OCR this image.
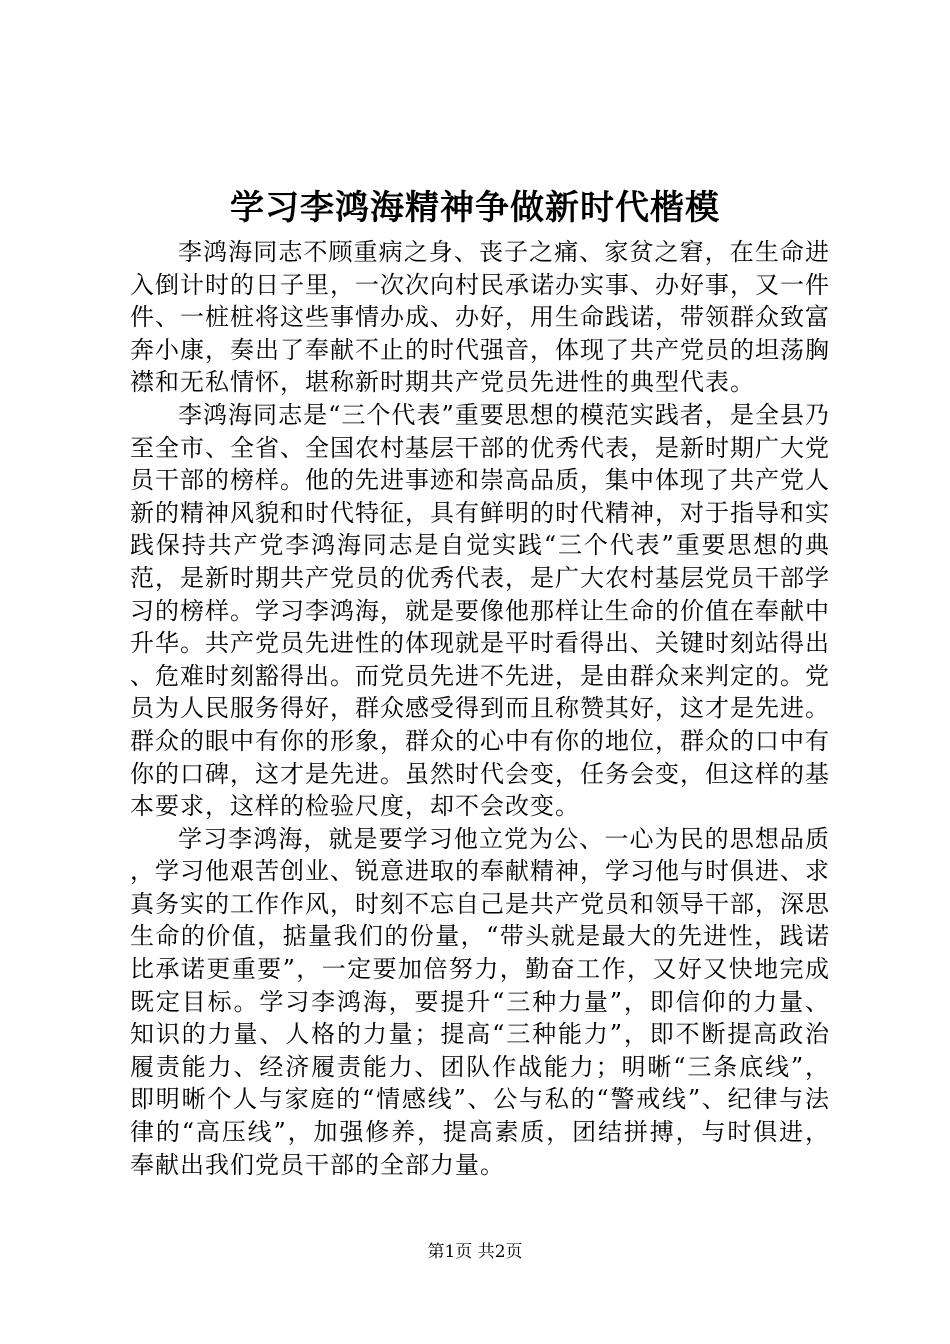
学习李鸿海精神争做新时代楷模

李鸿海同志不顾重病之身、丧子之痛、家贫之窘，在生命进入倒计时的日子里，一次次向村民承诺办实事、办好事，又一件件、一桩桩将这些事情办成、办好，用生命践诺，带领群众致富奔小康，奏出了奉献不止的时代强音，体现了共产党员的坦荡胸襟和无私情怀，堪称新时期共产党员先进性的典型代表。

李鸿海同志是“三个代表”重要思想的模范实践者，是全县乃至全市、全省、全国农村基层干部的优秀代表，是新时期广大党员干部的榜样。他的先进事迹和崇高品质，集中体现了共产党人新的精神风貌和时代特征，具有鲜明的时代精神，对于指导和实践保持共产党李鸿海同志是自觉实践“三个代表”重要思想的典范，是新时期共产党员的优秀代表，是广大农村基层党员干部学习的榜样。学习李鸿海，就是要像他那样让生命的价值在奉献中升华。共产党员先进性的体现就是平时看得出、关键时刻站得出、危难时刻豁得出。而党员先进不先进，是由群众来判定的。党员为人民服务得好，群众感受得到而且称赞其好，这才是先进。群众的眼中有你的形象，群众的心中有你的地位，群众的口中有你的口碑，这才是先进。虽然时代会变，任务会变，但这样的基本要求，这样的检验尺度，却不会改变。

学习李鸿海，就是要学习他立党为公、一心为民的思想品质，学习他艰苦创业、锐意进取的奉献精神，学习他与时俱进、求真务实的工作作风，时刻不忘自己是共产党员和领导干部，深思生命的价值，掂量我们的份量，“带头就是最大的先进性，践诺比承诺更重要”，一定要加倍努力，勤奋工作，又好又快地完成既定目标。学习李鸿海，要提升“三种力量”，即信仰的力量、知识的力量、人格的力量；提高“三种能力”，即不断提高政治履责能力、经济履责能力、团队作战能力；明晰“三条底线”，即明晰个人与家庭的“情感线”、公与私的“警戒线”、纪律与法律的“高压线”，加强修养，提高素质，团结拼搏，与时俱进，奉献出我们党员干部的全部力量。

第1页 共2页
